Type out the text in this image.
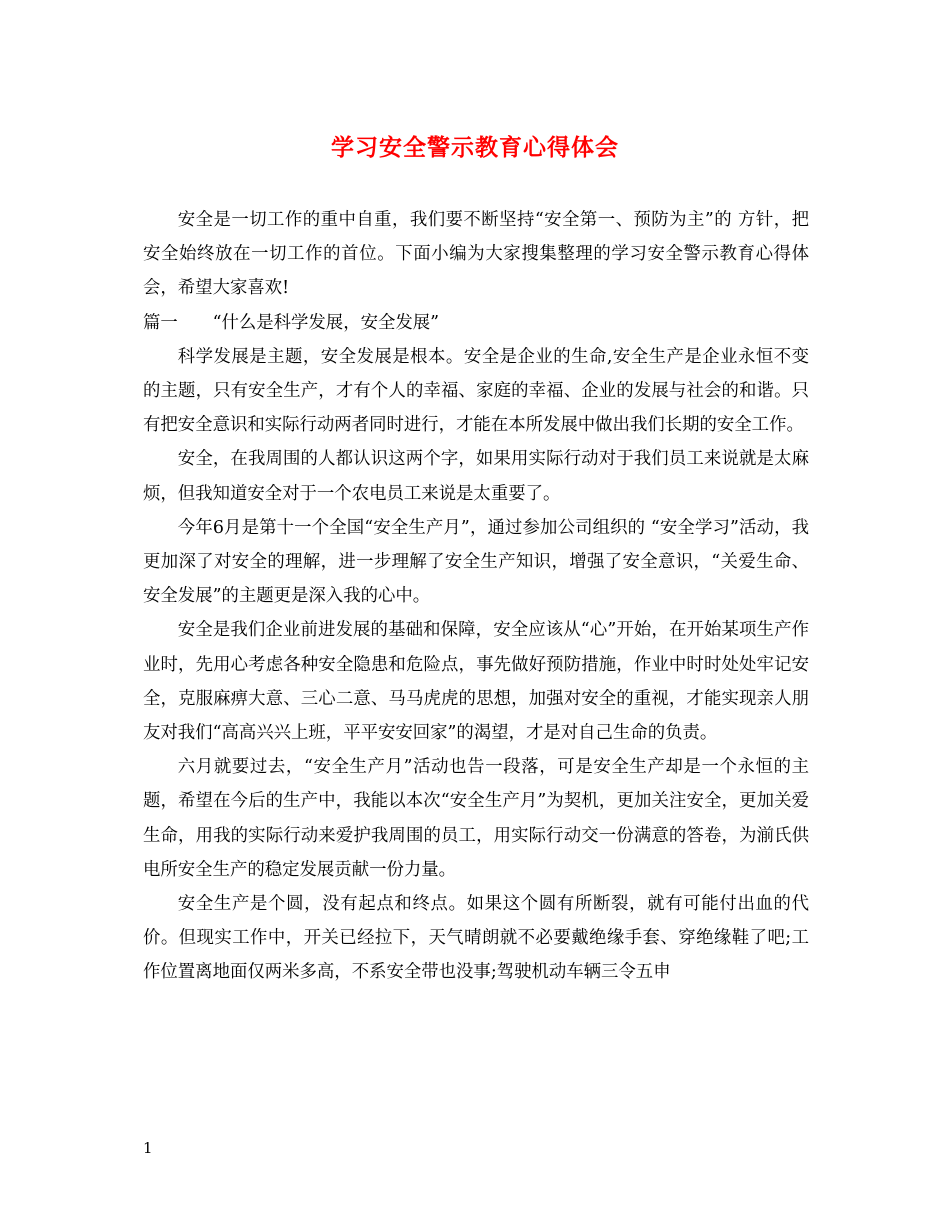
学习安全警示教育心得体会

安全是一切工作的重中自重，我们要不断坚持“安全第一、预防为主”的 方针，把安全始终放在一切工作的首位。下面小编为大家搜集整理的学习安全警示教育心得体会，希望大家喜欢!

篇一　　“什么是科学发展，安全发展”

科学发展是主题，安全发展是根本。安全是企业的生命,安全生产是企业永恒不变的主题，只有安全生产，才有个人的幸福、家庭的幸福、企业的发展与社会的和谐。只有把安全意识和实际行动两者同时进行，才能在本所发展中做出我们长期的安全工作。

安全，在我周围的人都认识这两个字，如果用实际行动对于我们员工来说就是太麻烦，但我知道安全对于一个农电员工来说是太重要了。

今年6月是第十一个全国“安全生产月”，通过参加公司组织的 “安全学习”活动，我更加深了对安全的理解，进一步理解了安全生产知识，增强了安全意识，“关爱生命、安全发展”的主题更是深入我的心中。

安全是我们企业前进发展的基础和保障，安全应该从“心”开始，在开始某项生产作业时，先用心考虑各种安全隐患和危险点，事先做好预防措施，作业中时时处处牢记安全，克服麻痹大意、三心二意、马马虎虎的思想，加强对安全的重视，才能实现亲人朋友对我们“高高兴兴上班，平平安安回家”的渴望，才是对自己生命的负责。

六月就要过去，“安全生产月”活动也告一段落，可是安全生产却是一个永恒的主题，希望在今后的生产中，我能以本次“安全生产月”为契机，更加关注安全，更加关爱生命，用我的实际行动来爱护我周围的员工，用实际行动交一份满意的答卷，为湔氏供电所安全生产的稳定发展贡献一份力量。

安全生产是个圆，没有起点和终点。如果这个圆有所断裂，就有可能付出血的代价。但现实工作中，开关已经拉下，天气晴朗就不必要戴绝缘手套、穿绝缘鞋了吧;工作位置离地面仅两米多高，不系安全带也没事;驾驶机动车辆三令五申

1
